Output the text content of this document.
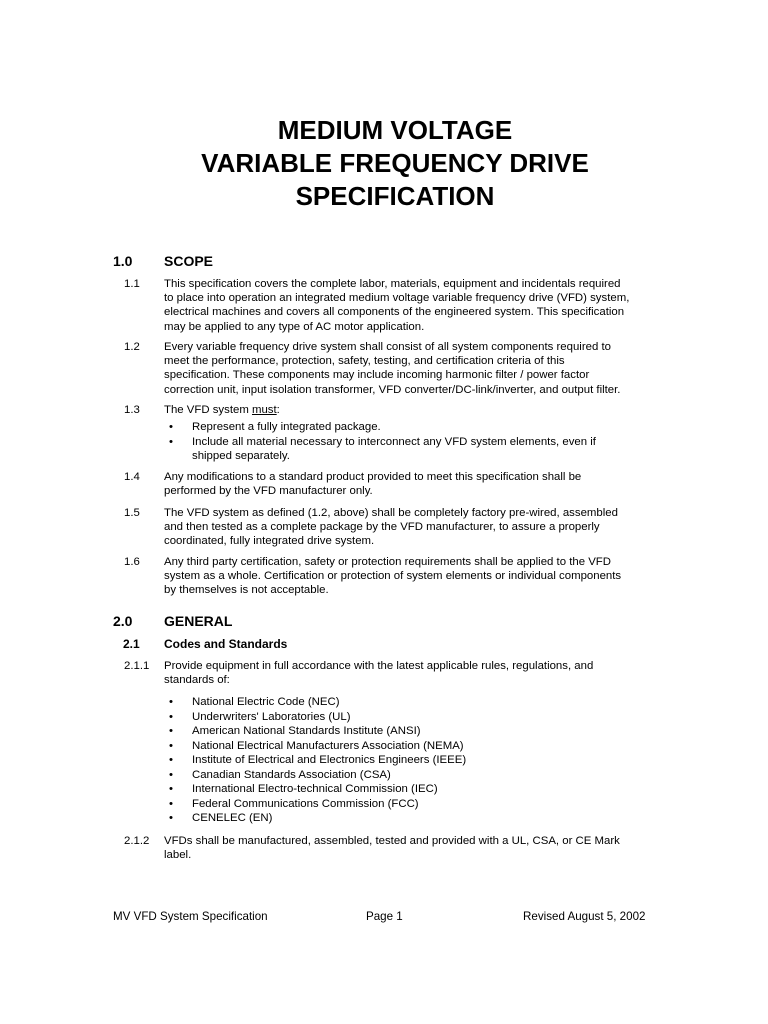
MEDIUM VOLTAGE
VARIABLE FREQUENCY DRIVE
SPECIFICATION
1.0	SCOPE
1.1	This specification covers the complete labor, materials, equipment and incidentals required
to place into operation an integrated medium voltage variable frequency drive (VFD) system,
electrical machines and covers all components of the engineered system. This specification
may be applied to any type of AC motor application.
1.2	Every variable frequency drive system shall consist of all system components required to
meet the performance, protection, safety, testing, and certification criteria of this
specification. These components may include incoming harmonic filter / power factor
correction unit, input isolation transformer, VFD converter/DC-link/inverter, and output filter.
1.3	The VFD system must:
• Represent a fully integrated package.
• Include all material necessary to interconnect any VFD system elements, even if
shipped separately.
1.4	Any modifications to a standard product provided to meet this specification shall be
performed by the VFD manufacturer only.
1.5	The VFD system as defined (1.2, above) shall be completely factory pre-wired, assembled
and then tested as a complete package by the VFD manufacturer, to assure a properly
coordinated, fully integrated drive system.
1.6	Any third party certification, safety or protection requirements shall be applied to the VFD
system as a whole. Certification or protection of system elements or individual components
by themselves is not acceptable.
2.0	GENERAL
2.1	Codes and Standards
2.1.1	Provide equipment in full accordance with the latest applicable rules, regulations, and
standards of:
• National Electric Code (NEC)
• Underwriters' Laboratories (UL)
• American National Standards Institute (ANSI)
• National Electrical Manufacturers Association (NEMA)
• Institute of Electrical and Electronics Engineers (IEEE)
• Canadian Standards Association (CSA)
• International Electro-technical Commission (IEC)
• Federal Communications Commission (FCC)
• CENELEC (EN)
2.1.2	VFDs shall be manufactured, assembled, tested and provided with a UL, CSA, or CE Mark
label.
MV VFD System Specification	Page 1	Revised August 5, 2002
